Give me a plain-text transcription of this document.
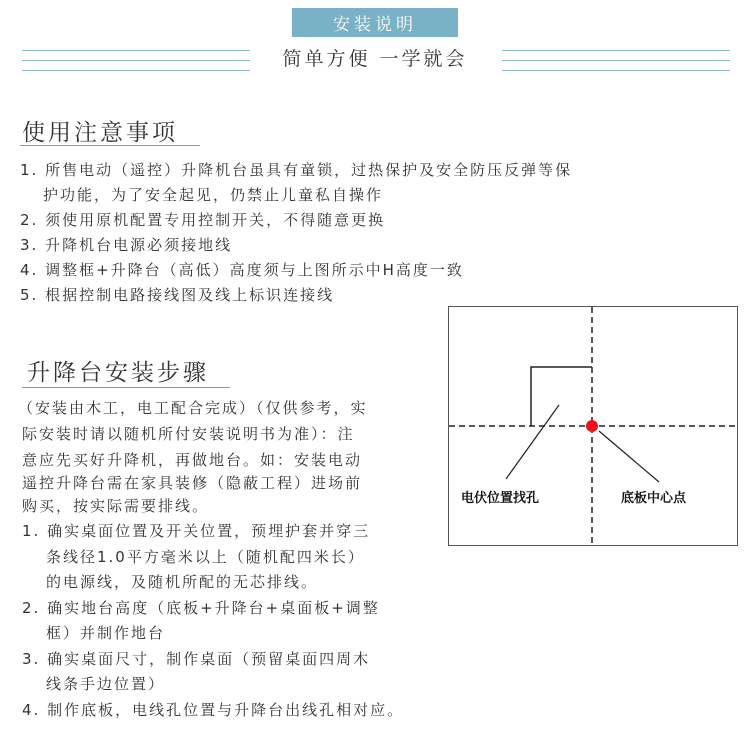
安装说明
简单方便 一学就会
使用注意事项
1. 所售电动（遥控）升降机台虽具有童锁，过热保护及安全防压反弹等保
护功能，为了安全起见，仍禁止儿童私自操作
2. 须使用原机配置专用控制开关，不得随意更换
3. 升降机台电源必须接地线
4. 调整框+升降台（高低）高度须与上图所示中H高度一致
5. 根据控制电路接线图及线上标识连接线
升降台安装步骤
（安装由木工，电工配合完成）（仅供参考，实
际安装时请以随机所付安装说明书为准）：注
意应先买好升降机，再做地台。如：安装电动
遥控升降台需在家具装修（隐蔽工程）进场前
购买，按实际需要排线。
1. 确实桌面位置及开关位置，预埋护套并穿三
条线径1.0平方毫米以上（随机配四米长）
的电源线，及随机所配的无芯排线。
2. 确实地台高度（底板+升降台+桌面板+调整
框）并制作地台
3. 确实桌面尺寸，制作桌面（预留桌面四周木
线条手边位置）
4. 制作底板，电线孔位置与升降台出线孔相对应。
电伏位置找孔	底板中心点
